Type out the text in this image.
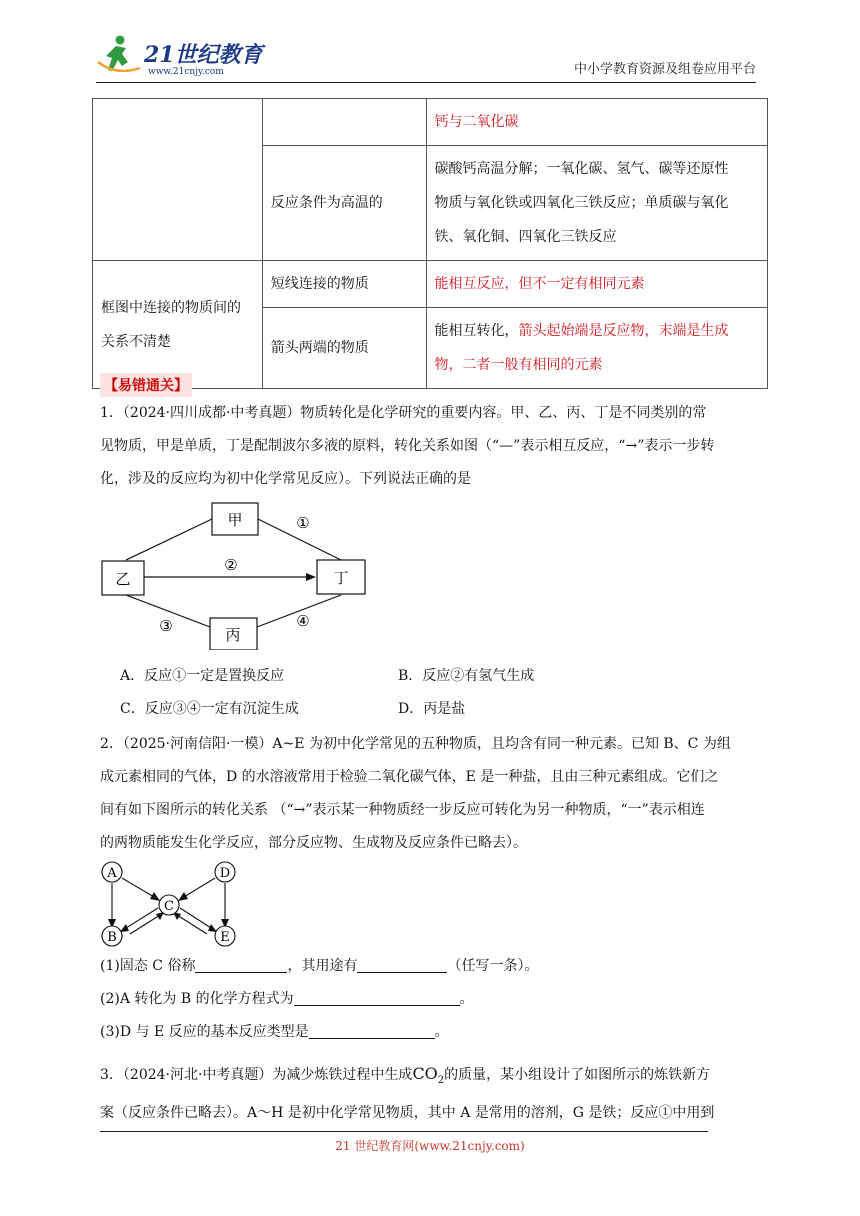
21世纪教育
www.21cnjy.com	中小学教育资源及组卷应用平台
		钙与二氧化碳
	反应条件为高温的	碳酸钙高温分解；一氧化碳、氢气、碳等还原性
物质与氧化铁或四氧化三铁反应；单质碳与氧化
铁、氧化铜、四氧化三铁反应

框图中连接的物质间的
关系不清楚	短线连接的物质	能相互反应，但不一定有相同元素
	箭头两端的物质	能相互转化，箭头起始端是反应物，末端是生成
物，二者一般有相同的元素
【易错通关】
1．（2024·四川成都·中考真题）物质转化是化学研究的重要内容。甲、乙、丙、丁是不同类别的常
见物质，甲是单质，丁是配制波尔多液的原料，转化关系如图（“—”表示相互反应，“→”表示一步转
化，涉及的反应均为初中化学常见反应）。下列说法正确的是
甲
乙	丁
丙
①
②
③	④
A．反应①一定是置换反应	B．反应②有氢气生成
C．反应③④一定有沉淀生成	D．丙是盐
2．（2025·河南信阳·一模）A~E 为初中化学常见的五种物质，且均含有同一种元素。已知 B、C 为组
成元素相同的气体，D 的水溶液常用于检验二氧化碳气体，E 是一种盐，且由三种元素组成。它们之
间有如下图所示的转化关系 （“→”表示某一种物质经一步反应可转化为另一种物质，“一”表示相连
的两物质能发生化学反应，部分反应物、生成物及反应条件已略去）。
A
C
D
B	E
(1)固态 C 俗称	，其用途有	（任写一条）。
(2)A 转化为 B 的化学方程式为	。
(3)D 与 E 反应的基本反应类型是	。
3．（2024·河北·中考真题）为减少炼铁过程中生成$CO_2$的质量，某小组设计了如图所示的炼铁新方
案（反应条件已略去）。A～H 是初中化学常见物质，其中 A 是常用的溶剂，G 是铁；反应①中用到
21 世纪教育网(www.21cnjy.com)
